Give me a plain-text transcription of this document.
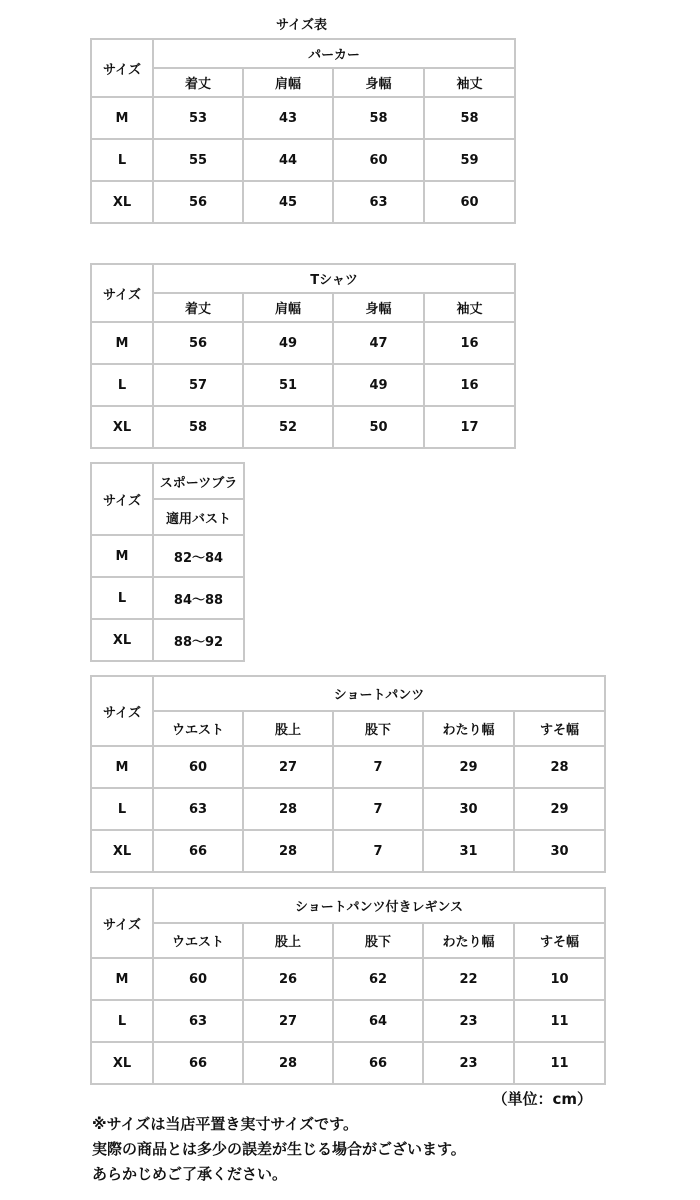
サイズ表
サイズ	パーカー			
	着丈	肩幅	身幅	袖丈
M	53	43	58	58
L	55	44	60	59
XL	56	45	63	60
サイズ	Tシャツ			
	着丈	肩幅	身幅	袖丈
M	56	49	47	16
L	57	51	49	16
XL	58	52	50	17
サイズ	スポーツブラ
	適用バスト
M	82～84
L	84～88
XL	88～92
サイズ	ショートパンツ				
	ウエスト	股上	股下	わたり幅	すそ幅
M	60	27	7	29	28
L	63	28	7	30	29
XL	66	28	7	31	30
サイズ	ショートパンツ付きレギンス				
	ウエスト	股上	股下	わたり幅	すそ幅
M	60	26	62	22	10
L	63	27	64	23	11
XL	66	28	66	23	11
（単位：cm）
※サイズは当店平置き実寸サイズです。
実際の商品とは多少の誤差が生じる場合がございます。
あらかじめご了承ください。
